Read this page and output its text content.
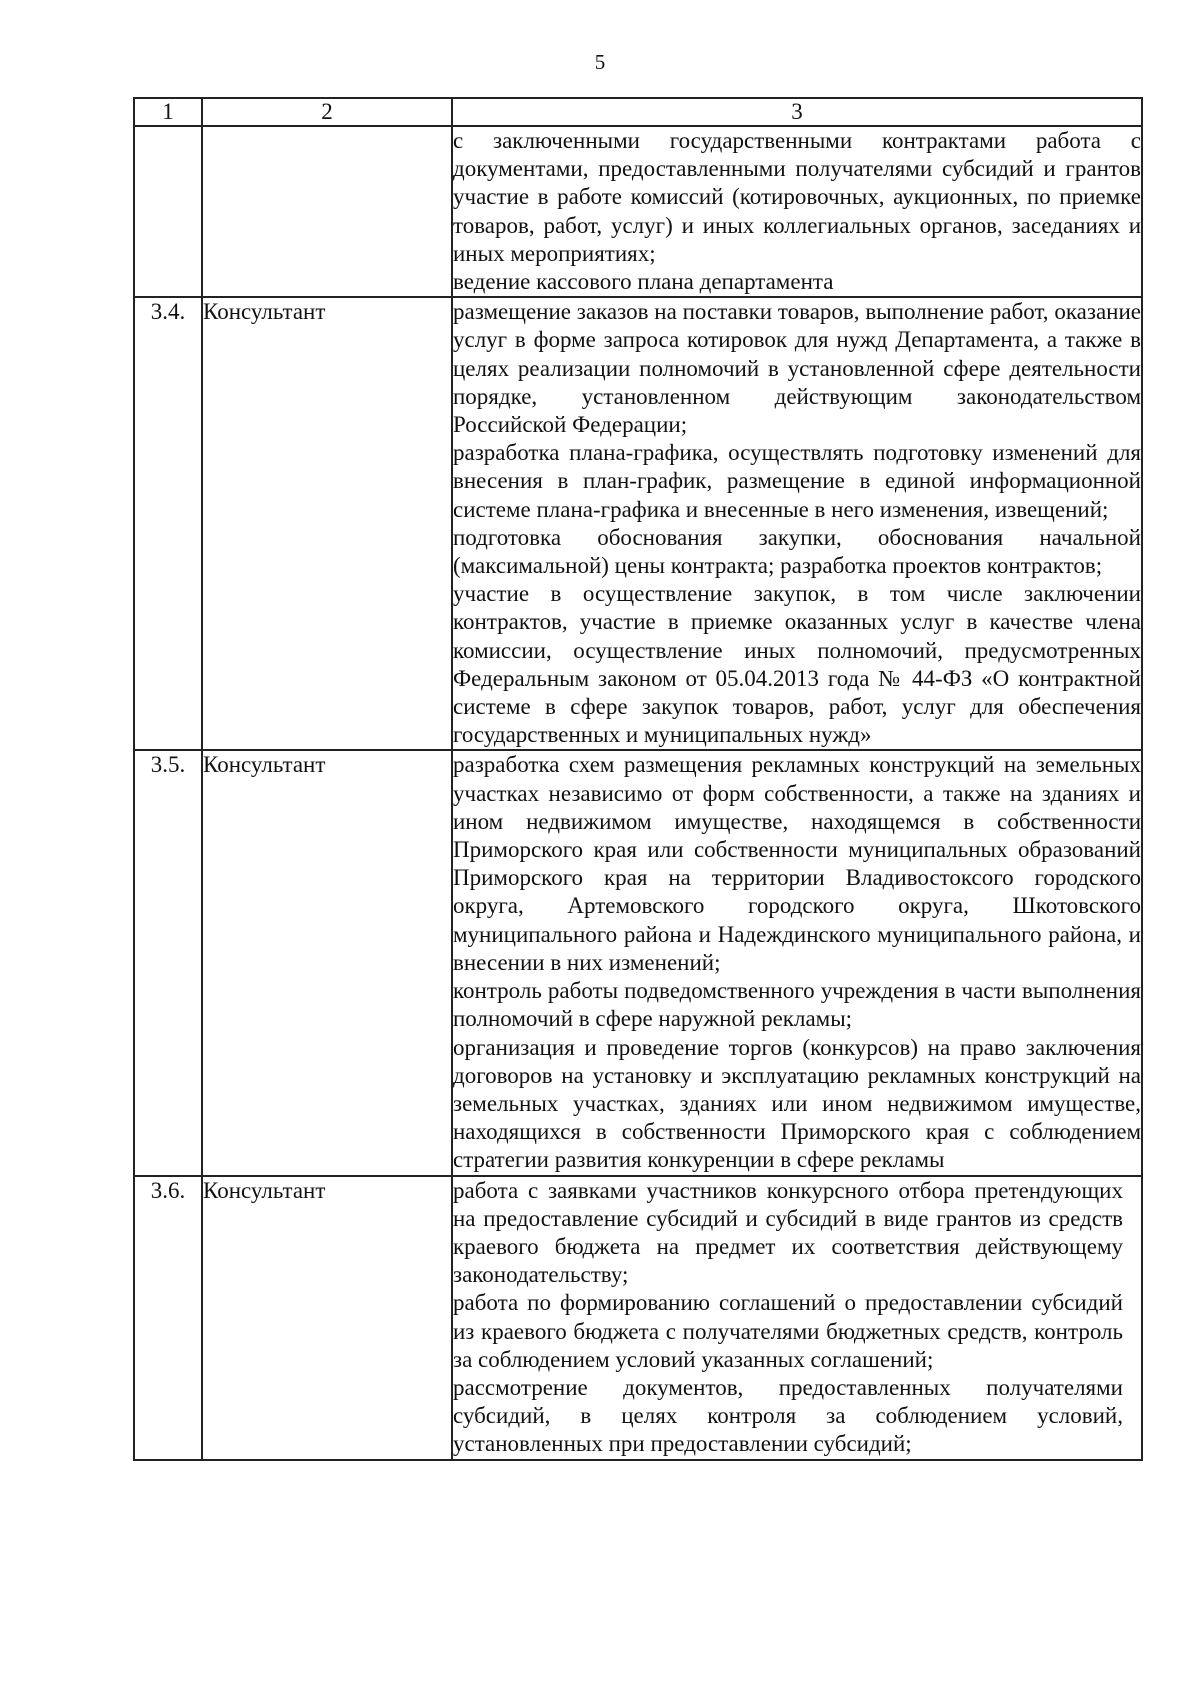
5
1	2	3

		с заключенными государственными контрактами работа с документами, предоставленными получателями субсидий и грантов участие в работе комиссий (котировочных, аукционных, по приемке товаров, работ, услуг) и иных коллегиальных органов, заседаниях и иных мероприятиях;
ведение кассового плана департамента

3.4.	Консультант	размещение заказов на поставки товаров, выполнение работ, оказание услуг в форме запроса котировок для нужд Департамента, а также в целях реализации полномочий в установленной сфере деятельности порядке, установленном действующим законодательством Российской Федерации;
разработка плана-графика, осуществлять подготовку изменений для внесения в план-график, размещение в единой информационной системе плана-графика и внесенные в него изменения, извещений;
подготовка обоснования закупки, обоснования начальной (максимальной) цены контракта; разработка проектов контрактов;
участие в осуществление закупок, в том числе заключении контрактов, участие в приемке оказанных услуг в качестве члена комиссии, осуществление иных полномочий, предусмотренных Федеральным законом от 05.04.2013 года № 44-ФЗ «О контрактной системе в сфере закупок товаров, работ, услуг для обеспечения государственных и муниципальных нужд»

3.5.	Консультант	разработка схем размещения рекламных конструкций на земельных участках независимо от форм собственности, а также на зданиях и ином недвижимом имуществе, находящемся в собственности Приморского края или собственности муниципальных образований Приморского края на территории Владивостоксого городского округа, Артемовского городского округа, Шкотовского муниципального района и Надеждинского муниципального района, и внесении в них изменений;
контроль работы подведомственного учреждения в части выполнения полномочий в сфере наружной рекламы;
организация и проведение торгов (конкурсов) на право заключения договоров на установку и эксплуатацию рекламных конструкций на земельных участках, зданиях или ином недвижимом имуществе, находящихся в собственности Приморского края с соблюдением стратегии развития конкуренции в сфере рекламы

3.6.	Консультант	работа с заявками участников конкурсного отбора претендующих на предоставление субсидий и субсидий в виде грантов из средств краевого бюджета на предмет их соответствия действующему законодательству;
работа по формированию соглашений о предоставлении субсидий из краевого бюджета с получателями бюджетных средств, контроль за соблюдением условий указанных соглашений;
рассмотрение документов, предоставленных получателями субсидий, в целях контроля за соблюдением условий, установленных при предоставлении субсидий;
